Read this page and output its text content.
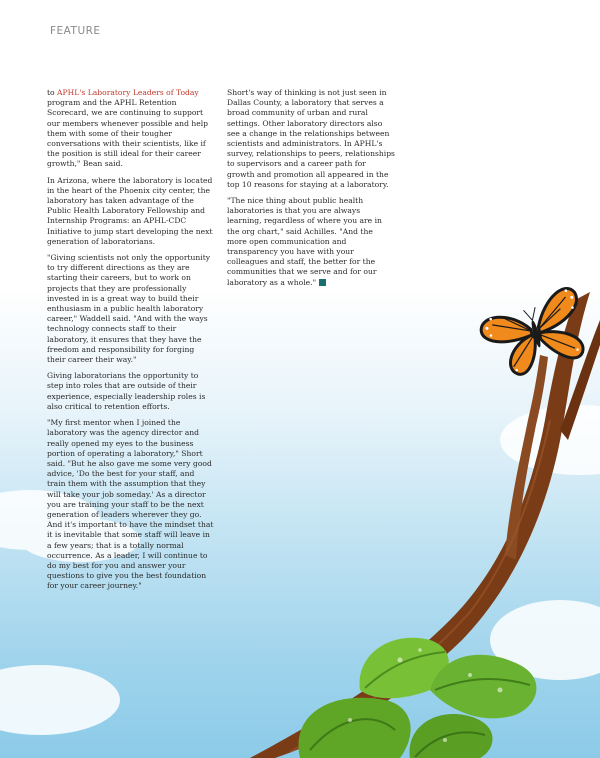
FEATURE

to APHL's Laboratory Leaders of Today program and the APHL Retention Scorecard, we are continuing to support our members whenever possible and help them with some of their tougher conversations with their scientists, like if the position is still ideal for their career growth," Bean said.

In Arizona, where the laboratory is located in the heart of the Phoenix city center, the laboratory has taken advantage of the Public Health Laboratory Fellowship and Internship Programs: an APHL-CDC Initiative to jump start developing the next generation of laboratorians.

"Giving scientists not only the opportunity to try different directions as they are starting their careers, but to work on projects that they are professionally invested in is a great way to build their enthusiasm in a public health laboratory career," Waddell said. "And with the ways technology connects staff to their laboratory, it ensures that they have the freedom and responsibility for forging their career their way."

Giving laboratorians the opportunity to step into roles that are outside of their experience, especially leadership roles is also critical to retention efforts.

"My first mentor when I joined the laboratory was the agency director and really opened my eyes to the business portion of operating a laboratory," Short said. "But he also gave me some very good advice, 'Do the best for your staff, and train them with the assumption that they will take your job someday.' As a director you are training your staff to be the next generation of leaders wherever they go. And it's important to have the mindset that it is inevitable that some staff will leave in a few years; that is a totally normal occurrence. As a leader, I will continue to do my best for you and answer your questions to give you the best foundation for your career journey."

Short's way of thinking is not just seen in Dallas County, a laboratory that serves a broad community of urban and rural settings. Other laboratory directors also see a change in the relationships between scientists and administrators. In APHL's survey, relationships to peers, relationships to supervisors and a career path for growth and promotion all appeared in the top 10 reasons for staying at a laboratory.

"The nice thing about public health laboratories is that you are always learning, regardless of where you are in the org chart," said Achilles. "And the more open communication and transparency you have with your colleagues and staff, the better for the communities that we serve and for our laboratory as a whole."
